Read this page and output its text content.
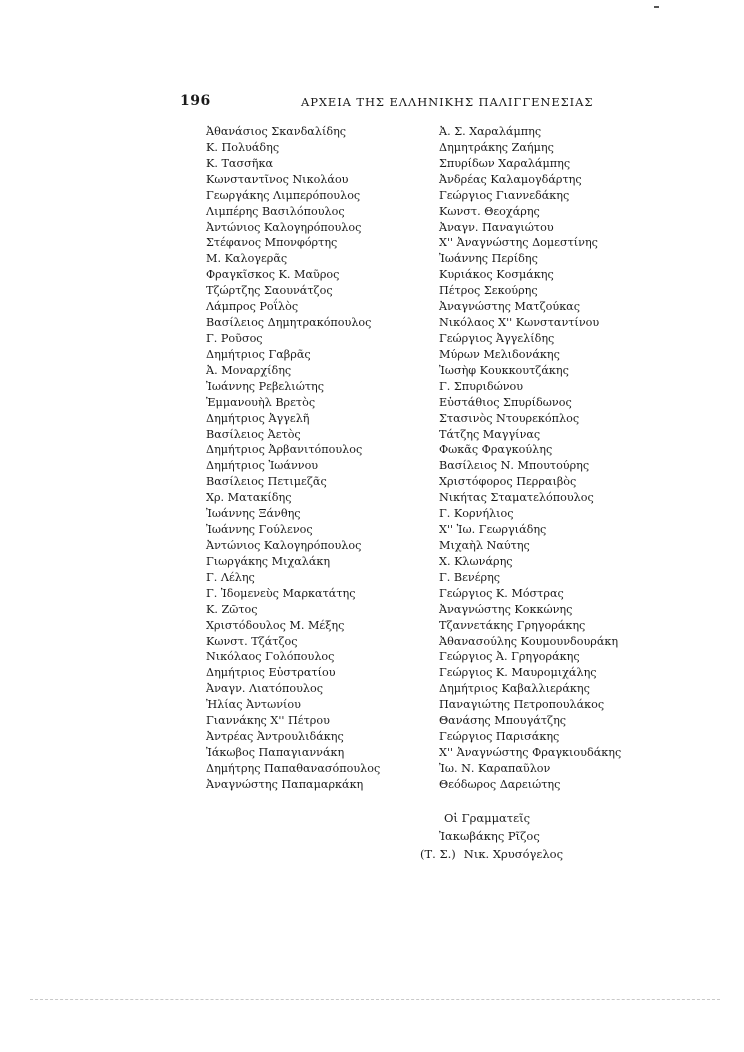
196	ΑΡΧΕΙΑ ΤΗΣ ΕΛΛΗΝΙΚΗΣ ΠΑΛΙΓΓΕΝΕΣΙΑΣ
Ἀθανάσιος Σκανδαλίδης
Κ. Πολυάδης
Κ. Τασσῆκα
Κωνσταντῖνος Νικολάου
Γεωργάκης Λιμπερόπουλος
Λιμπέρης Βασιλόπουλος
Ἀντώνιος Καλογηρόπουλος
Στέφανος Μπονφόρτης
Μ. Καλογερᾶς
Φραγκῖσκος Κ. Μαῦρος
Τζώρτζης Σαουνάτζος
Λάμπρος Ροΐλὸς
Βασίλειος Δημητρακόπουλος
Γ. Ροῦσος
Δημήτριος Γαβρᾶς
Ἀ. Μοναρχίδης
Ἰωάννης Ρεβελιώτης
Ἐμμανουὴλ Βρετὸς
Δημήτριος Ἀγγελῆ
Βασίλειος Ἀετὸς
Δημήτριος Ἀρβανιτόπουλος
Δημήτριος Ἰωάννου
Βασίλειος Πετιμεζᾶς
Χρ. Ματακίδης
Ἰωάννης Ξάνθης
Ἰωάννης Γούλενος
Ἀντώνιος Καλογηρόπουλος
Γιωργάκης Μιχαλάκη
Γ. Λέλης
Γ. Ἰδομενεὺς Μαρκατάτης
Κ. Ζῶτος
Χριστόδουλος Μ. Μέξης
Κωνστ. Τζάτζος
Νικόλαος Γολόπουλος
Δημήτριος Εὐστρατίου
Ἀναγν. Λιατόπουλος
Ἠλίας Ἀντωνίου
Γιαννάκης Χ'' Πέτρου
Ἀντρέας Ἀντρουλιδάκης
Ἰάκωβος Παπαγιαννάκη
Δημήτρης Παπαθανασόπουλος
Ἀναγνώστης Παπαμαρκάκη
Ἀ. Σ. Χαραλάμπης
Δημητράκης Ζαήμης
Σπυρίδων Χαραλάμπης
Ἀνδρέας Καλαμογδάρτης
Γεώργιος Γιαννεδάκης
Κωνστ. Θεοχάρης
Ἀναγν. Παναγιώτου
Χ'' Ἀναγνώστης Δομεστίνης
Ἰωάννης Περίδης
Κυριάκος Κοσμάκης
Πέτρος Σεκούρης
Ἀναγνώστης Ματζούκας
Νικόλαος Χ'' Κωνσταντίνου
Γεώργιος Ἀγγελίδης
Μύρων Μελιδονάκης
Ἰωσὴφ Κουκκουτζάκης
Γ. Σπυριδώνου
Εὐστάθιος Σπυρίδωνος
Στασινὸς Ντουρεκόπλος
Τάτζης Μαγγίνας
Φωκᾶς Φραγκούλης
Βασίλειος Ν. Μπουτούρης
Χριστόφορος Περραιβὸς
Νικήτας Σταματελόπουλος
Γ. Κορνήλιος
Χ'' Ἰω. Γεωργιάδης
Μιχαὴλ Ναύτης
Χ. Κλωνάρης
Γ. Βενέρης
Γεώργιος Κ. Μόστρας
Ἀναγνώστης Κοκκώνης
Τζαννετάκης Γρηγοράκης
Ἀθανασούλης Κουμουνδουράκη
Γεώργιος Ἀ. Γρηγοράκης
Γεώργιος Κ. Μαυρομιχάλης
Δημήτριος Καβαλλιεράκης
Παναγιώτης Πετροπουλάκος
Θανάσης Μπουγάτζης
Γεώργιος Παρισάκης
Χ'' Ἀναγνώστης Φραγκιουδάκης
Ἰω. Ν. Καραπαῦλον
Θεόδωρος Δαρειώτης
Οἱ Γραμματεῖς
Ἰακωβάκης Ρῖζος
(Τ. Σ.) Νικ. Χρυσόγελος
